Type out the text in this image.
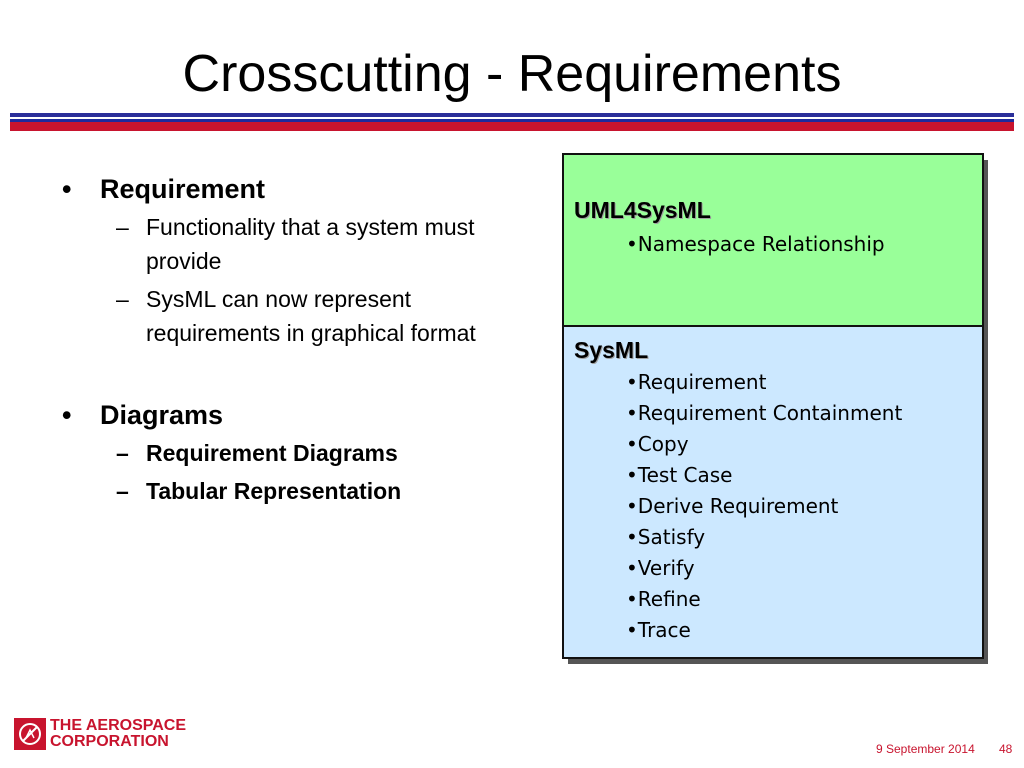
Crosscutting - Requirements
•	Requirement
– Functionality that a system must provide
– SysML can now represent requirements in graphical format
•	Diagrams
– Requirement Diagrams
– Tabular Representation
UML4SysML
•Namespace Relationship
SysML
•Requirement
•Requirement Containment
•Copy
•Test Case
•Derive Requirement
•Satisfy
•Verify
•Refine
•Trace
THE AEROSPACE
CORPORATION	9 September 2014 48
